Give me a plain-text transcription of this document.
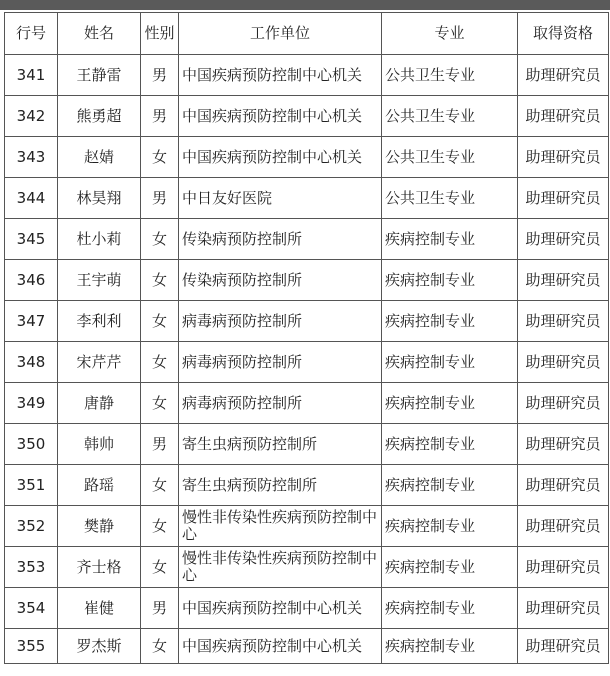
行号	姓名	性别	工作单位	专业	取得资格
341	王静雷	男	中国疾病预防控制中心机关	公共卫生专业	助理研究员
342	熊勇超	男	中国疾病预防控制中心机关	公共卫生专业	助理研究员
343	赵婧	女	中国疾病预防控制中心机关	公共卫生专业	助理研究员
344	林昊翔	男	中日友好医院	公共卫生专业	助理研究员
345	杜小莉	女	传染病预防控制所	疾病控制专业	助理研究员
346	王宇萌	女	传染病预防控制所	疾病控制专业	助理研究员
347	李利利	女	病毒病预防控制所	疾病控制专业	助理研究员
348	宋芹芹	女	病毒病预防控制所	疾病控制专业	助理研究员
349	唐静	女	病毒病预防控制所	疾病控制专业	助理研究员
350	韩帅	男	寄生虫病预防控制所	疾病控制专业	助理研究员
351	路瑶	女	寄生虫病预防控制所	疾病控制专业	助理研究员
352	樊静	女	慢性非传染性疾病预防控制中心	疾病控制专业	助理研究员
353	齐士格	女	慢性非传染性疾病预防控制中心	疾病控制专业	助理研究员
354	崔健	男	中国疾病预防控制中心机关	疾病控制专业	助理研究员
355	罗杰斯	女	中国疾病预防控制中心机关	疾病控制专业	助理研究员
